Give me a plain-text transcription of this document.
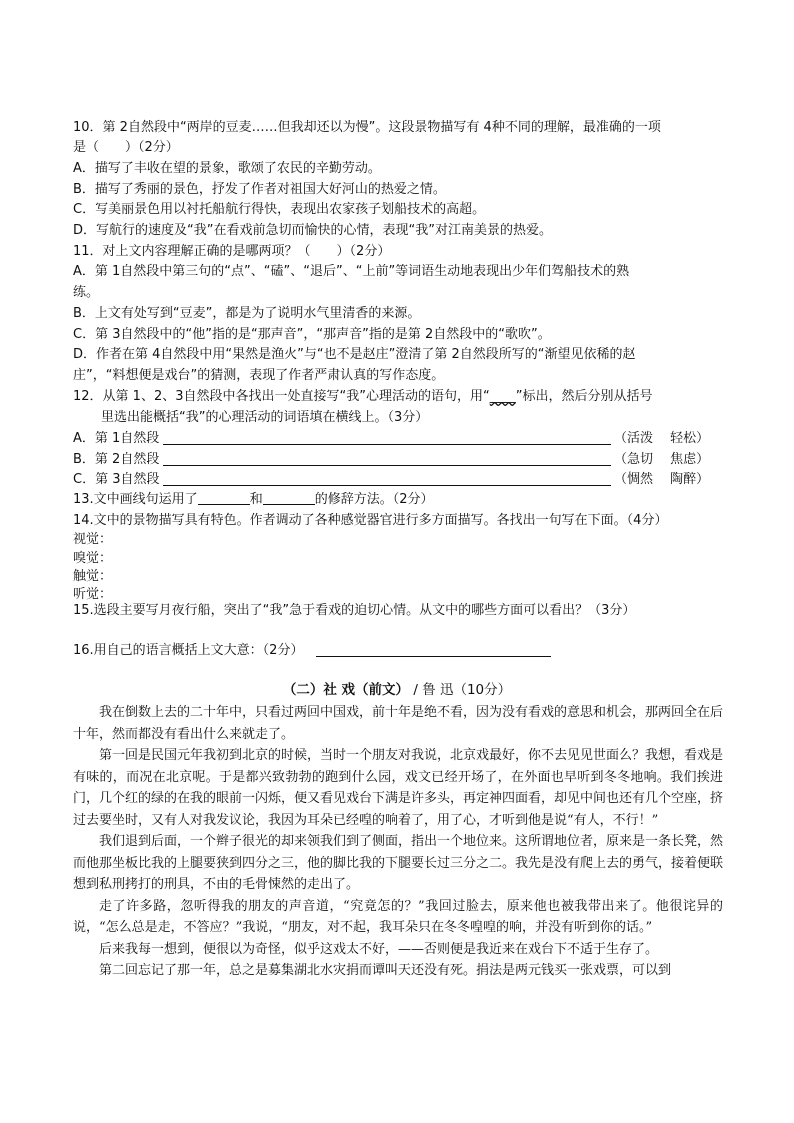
10．第 2自然段中“两岸的豆麦……但我却还以为慢”。这段景物描写有 4种不同的理解，最准确的一项
是（　　）（2分）
A．描写了丰收在望的景象，歌颂了农民的辛勤劳动。
B．描写了秀丽的景色，抒发了作者对祖国大好河山的热爱之情。
C．写美丽景色用以衬托船航行得快，表现出农家孩子划船技术的高超。
D．写航行的速度及“我”在看戏前急切而愉快的心情，表现“我”对江南美景的热爱。
11．对上文内容理解正确的是哪两项？（　　）（2分）
A．第 1自然段中第三句的“点”、“磕”、“退后”、“上前”等词语生动地表现出少年们驾船技术的熟
练。
B．上文有处写到“豆麦”，都是为了说明水气里清香的来源。
C．第 3自然段中的“他”指的是“那声音”，“那声音”指的是第 2自然段中的“歌吹”。
D．作者在第 4自然段中用“果然是渔火”与“也不是赵庄”澄清了第 2自然段所写的“渐望见依稀的赵
庄”，“料想便是戏台”的猜测，表现了作者严肃认真的写作态度。
12．从第 1、2、3自然段中各找出一处直接写“我”心理活动的语句，用“____”标出，然后分别从括号
里选出能概括“我”的心理活动的词语填在横线上。（3分）
A．第 1自然段	（活泼　 轻松）
B．第 2自然段	（急切　 焦虑）
C．第 3自然段	（惆然　 陶醉）
13.文中画线句运用了	和	的修辞方法。（2分）
14.文中的景物描写具有特色。作者调动了各种感觉器官进行多方面描写。各找出一句写在下面。（4分）
视觉：
嗅觉：
触觉：
听觉：
15.选段主要写月夜行船，突出了“我”急于看戏的迫切心情。从文中的哪些方面可以看出？（3分）
16.用自己的语言概括上文大意：（2分）
（二）社 戏（前文） / 鲁 迅（10分）

我在倒数上去的二十年中，只看过两回中国戏，前十年是绝不看，因为没有看戏的意思和机会，那两回全在后十年，然而都没有看出什么来就走了。

第一回是民国元年我初到北京的时候，当时一个朋友对我说，北京戏最好，你不去见见世面么？我想，看戏是有味的，而况在北京呢。于是都兴致勃勃的跑到什么园，戏文已经开场了，在外面也早听到冬冬地响。我们挨进门，几个红的绿的在我的眼前一闪烁，便又看见戏台下满是许多头，再定神四面看，却见中间也还有几个空座，挤过去要坐时，又有人对我发议论，我因为耳朵已经喤的响着了，用了心，才听到他是说“有人，不行！”

我们退到后面，一个辫子很光的却来领我们到了侧面，指出一个地位来。这所谓地位者，原来是一条长凳，然而他那坐板比我的上腿要狭到四分之三，他的脚比我的下腿要长过三分之二。我先是没有爬上去的勇气，接着便联想到私刑拷打的刑具，不由的毛骨悚然的走出了。

走了许多路，忽听得我的朋友的声音道，“究竟怎的？”我回过脸去，原来他也被我带出来了。他很诧异的说，“怎么总是走，不答应？”我说，“朋友，对不起，我耳朵只在冬冬喤喤的响，并没有听到你的话。”

后来我每一想到，便很以为奇怪，似乎这戏太不好，——否则便是我近来在戏台下不适于生存了。

第二回忘记了那一年，总之是募集湖北水灾捐而谭叫天还没有死。捐法是两元钱买一张戏票，可以到
